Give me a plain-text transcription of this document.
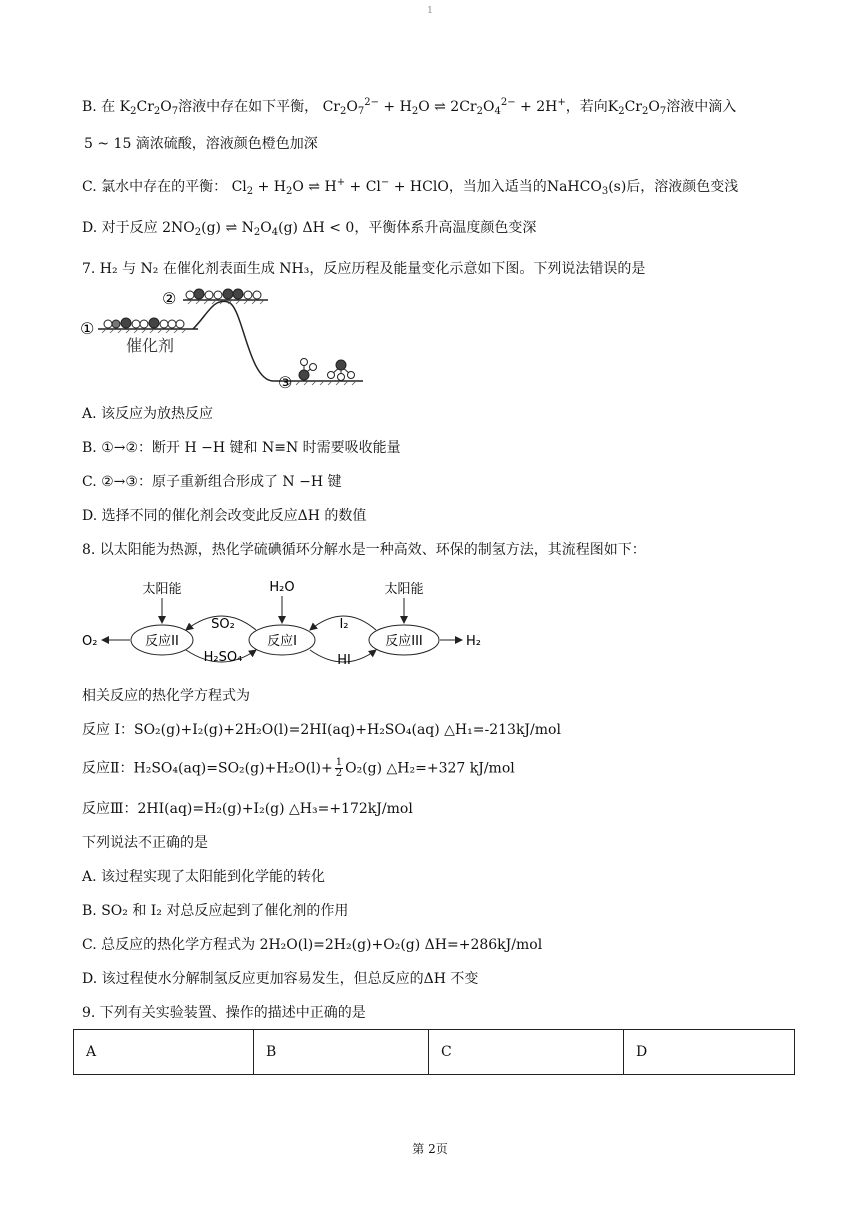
1
B. 在 $K_2Cr_2O_7$溶液中存在如下平衡， $Cr_2O_7^{2-} + H_2O$ ⇌ $2Cr_2O_4^{2-} + 2H^+$，若向$K_2Cr_2O_7$溶液中滴入
5 ~ 15 滴浓硫酸，溶液颜色橙色加深
C. 氯水中存在的平衡： $Cl_2 + H_2O$ ⇌ H+ + Cl− + HClO，当加入适当的NaHCO$_3$(s)后，溶液颜色变浅
D. 对于反应 $2NO_2(g)$ ⇌ $N_2O_4(g) \Delta H < 0$，平衡体系升高温度颜色变深
7. H₂ 与 N₂ 在催化剂表面生成 NH₃，反应历程及能量变化示意如下图。下列说法错误的是
①
②
③
催化剂
A. 该反应为放热反应
B. ①→②：断开 H −H 键和 N≡N 时需要吸收能量
C. ②→③：原子重新组合形成了 N −H 键
D. 选择不同的催化剂会改变此反应ΔH 的数值
8. 以太阳能为热源，热化学硫碘循环分解水是一种高效、环保的制氢方法，其流程图如下：
反应II	反应I	反应III
太阳能	H₂O	太阳能
O₂	H₂
SO₂
H₂SO₄
I₂
HI
相关反应的热化学方程式为
反应 I：SO₂(g)+I₂(g)+2H₂O(l)=2HI(aq)+H₂SO₄(aq) △H₁=-213kJ/mol
反应Ⅱ：$H_2SO_4(aq)=SO_2(g)+H_2O(l)+ \frac{1}{2} O_2(g)$ △H₂=+327 kJ/mol
反应Ⅲ：2HI(aq)=H₂(g)+I₂(g) △H₃=+172kJ/mol
下列说法不正确的是
A. 该过程实现了太阳能到化学能的转化
B. SO₂ 和 I₂ 对总反应起到了催化剂的作用
C. 总反应的热化学方程式为 2H₂O(l)=2H₂(g)+O₂(g) ΔH=+286kJ/mol
D. 该过程使水分解制氢反应更加容易发生，但总反应的ΔH 不变
9. 下列有关实验装置、操作的描述中正确的是
A	B	C	D
第 2页
